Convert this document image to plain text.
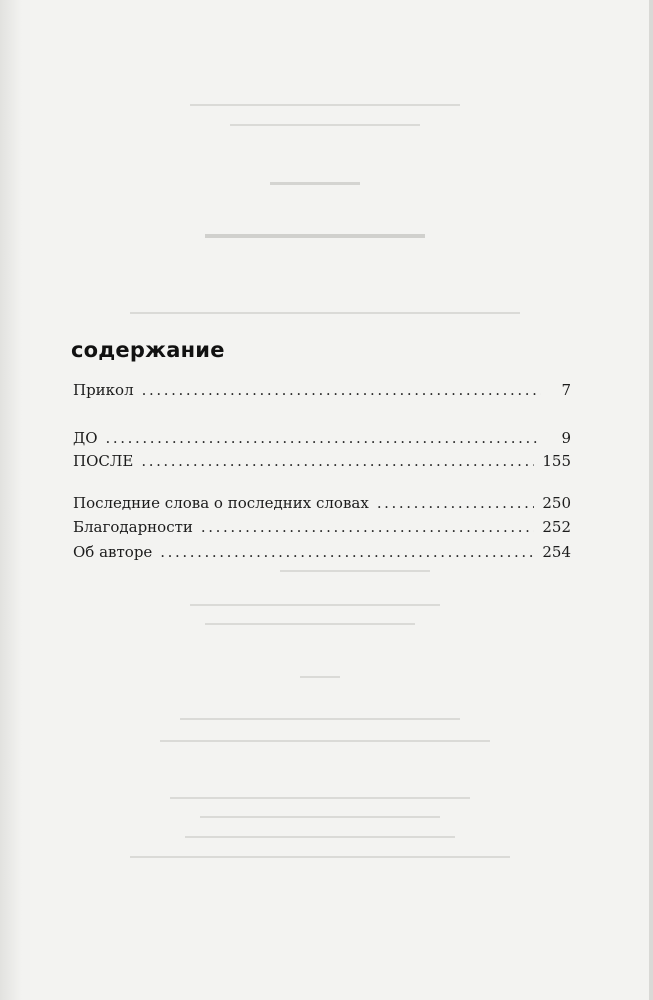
содержание
Прикол .....	7
ДО .....	9
ПОСЛЕ .....	155
Последние слова о последних словах .....	250
Благодарности .....	252
Об авторе .....	254
